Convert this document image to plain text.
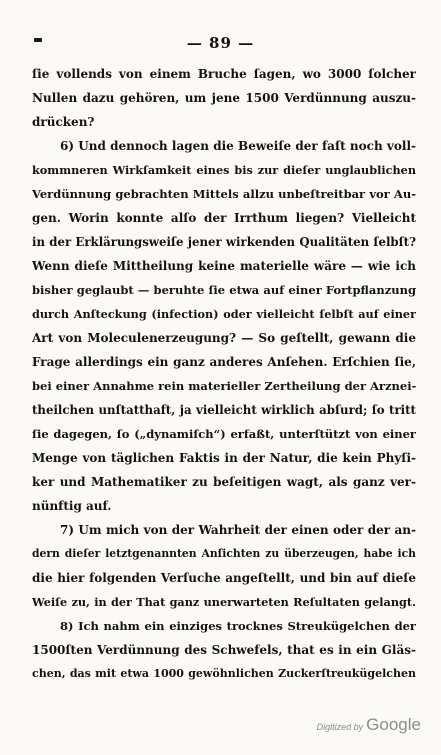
— 89 —

ſie vollends von einem Bruche ſagen, wo 3000 ſolcher

Nullen dazu gehören, um jene 1500 Verdünnung auszu-

drücken?

6) Und dennoch lagen die Beweiſe der faſt noch voll-

kommneren Wirkſamkeit eines bis zur dieſer unglaublichen

Verdünnung gebrachten Mittels allzu unbeſtreitbar vor Au-

gen. Worin konnte alſo der Irrthum liegen? Vielleicht

in der Erklärungsweiſe jener wirkenden Qualitäten ſelbſt?

Wenn dieſe Mittheilung keine materielle wäre — wie ich

bisher geglaubt — beruhte ſie etwa auf einer Fortpflanzung

durch Anſteckung (infection) oder vielleicht ſelbſt auf einer

Art von Moleculenerzeugung? — So geſtellt, gewann die

Frage allerdings ein ganz anderes Anſehen. Erſchien ſie,

bei einer Annahme rein materieller Zertheilung der Arznei-

theilchen unſtatthaft, ja vielleicht wirklich abſurd; ſo tritt

ſie dagegen, ſo („dynamiſch“) erfaßt, unterſtützt von einer

Menge von täglichen Faktis in der Natur, die kein Phyſi-

ker und Mathematiker zu beſeitigen wagt, als ganz ver-

nünftig auf.

7) Um mich von der Wahrheit der einen oder der an-

dern dieſer letztgenannten Anſichten zu überzeugen, habe ich

die hier folgenden Verſuche angeſtellt, und bin auf dieſe

Weiſe zu, in der That ganz unerwarteten Reſultaten gelangt.

8) Ich nahm ein einziges trocknes Streukügelchen der

1500ſten Verdünnung des Schwefels, that es in ein Gläs-

chen, das mit etwa 1000 gewöhnlichen Zuckerſtreukügelchen

Digitized by Google
